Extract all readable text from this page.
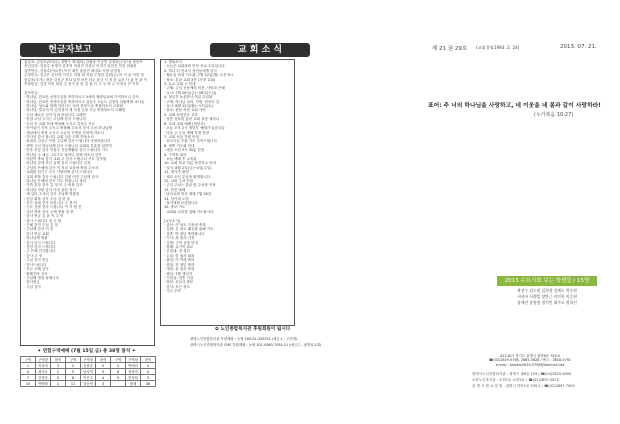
헌금자보고
십일조: 김선호(어정수) 정병구 최대(어) 김필웅 이승민 일정의(주공사) 남용조
신년감사: 김선수 송명식 류종석 이성진 이청규 이정기 윤한진 이진 집필용
일반헌금: 김성수(이유진) 이진 최진 윤한진 최대호 지방 김영철
주정헌금: 김주은 김선영 이진주 이형 최 지원 주정한 김원(주) 어 이 윤 이한 정
십일조(추가): 장순 김성규 정희 김정 어진 어주 윤규 지 정 한 유진 사 홍 동 관 이
후원헌금: 김정 이진 최정 주 정기 윤 한 김 원 이 주 우 명 수 이정규 진 지현

감사헌금:
· 하나님, 한교단 선생주일을 축하하시고 5세의 제령입교에 기억하시니 감사
· 하나님, 한교단 선생주일을 축하하시고 김선수 오늘도 김천의 임원축에 교사들
· 하나님, 성도와 함께 일어서는 일의 찬양으로 축복하소서 고희원
· 하나님, 장우석 씨 김선정의 새 사정 손을 지금 축복하소서 고해빈
· 주님 새로운 일이 밀려 하십니다 고헤빈
· 항상 주님 주시는 주님께 감사 드립니다
· 우리 큰 교회 안에 축복해 주시고 김선수 기도
· 아이들이 지켜 주시고 축복해 주소서 감사 주신 하나님께
· 세상에서 축복 주시고 오늘의 사명을 감당케 하소서
· 하나님 감사 합니다 교회 일꾼 되게 하옵소서
· 최대호 김선수 이형 주님께 감사 드립니다 사랑하옵니다
· 생명 주신 하나님께 감사 드립니다 교회의 부흥을 위하여
· 믿음 신앙 감사 이형주 신앙생활을 감사 드립니다 기도
· 하나님 주 예수 그리스도 날마다 함께 하소서 감사
· 어린이 축복 감사 교회 주 감사 드립니다 기도 김영철
· 하나님 앞에 모든 일에 감사 드립니다 김정
· 주님의 은혜에 감사 이 자녀 교육에 축복 주소서
· 교회를 섬기는 모든 사람에게 감사 드립니다
· 교회 축복 감사 드립니다 김원 어진 주님께 감사
· 하나님 은혜에 감사 기도 하옵니다 정희
· 가족 건강 감사 김 정 이 주 축복 감사
· 하나님 사랑 감사 이진 윤한 정기
· 새 일터 주셔서 감사 주님께 영광을
· 건강 회복 감사 주님 김 한 윤
· 모든 일에 감사 하옵니다 주 정 어
· 기도 응답 감사 드립니다 이 지 원 진
· 자녀 축복 감사 주께 영광 정 한
· 감사 헌금 김 윤 지 주 이
· 감사 드립니다 정 주 원
· 은혜 감사 주님 김 정
· 주님께 감사 이 진
· 감사 헌금 교회
· 하나님께 영광
· 감사 감사 드립니다
· 건강 감사 드립니다
· 주 은혜 감사합니다
· 감사 주 정
· 주일 감사 헌금
· 감사드립니다
· 모든 은혜 감사
· 할렐루야 감사
· 주님께 영광 돌립니다
· 감사헌금
· 주님 감사
✦ 연합구역예배 (7월 15일 금) 총 38명 참석 ✦
구역	구역장	참석	구역	구역장	참석	구역	구역장	참석
1	이옥자	3	2	김삼순	5	3	박애리	4
4	최석우	2	5	남숙자	3	6	정성자	4
7	김영순	5	8	이은주	4	9	한정희	3
10	박명화	2	11	강순자	3		합계	38
교 회 소 식
1. 명회소식
· 오늘은 교회창립 안녕 선교 주일입니다.
2. 하나 터 선교사 선전들에게 감사
· 월요일 안내 기도회: 7월 22일(월) 오전 6시
· 장소: 본관 교회 3층 (가정 교회)
3. 유교 교회 주 안내
· 주제: 주님 공동체의 비전, 사랑과 은혜
· 일시: 7월 26일(금)~28일(주일)
4. 청년부 농촌봉사 여름 수련회
· 주제: 하나님 나라, 사명, 헌신의 길
· 일시: 8월 12일(월)~17일(토)
· 장소: 충남 서산 교회 사역
5. 교회 성경공부 교육
· 말씀 선포를 통한 교회 성장 세미나
6. 초대 교회 예배 (청년부)
· 오늘 오후 2시 청년부 예배가 있습니다
· 다음 주 주일 예배 특별 찬양
7. 교회 선교 후원 안내
· 선교사님 후원 기도 부탁드립니다
8. 새벽 기도회 안내
· 매일 오전 5시 30분 본당
9. 구역장 회의
· 오늘 예배 후 교육관
10. 교회 학교 여름 성경학교 안내
· 일시: 8월 2일(금)~4일(주일)
11. 새가족 환영
· 새로 오신 분들을 환영합니다
12. 교회 주차 안내
· 주일 주차는 본관 옆 주차장 이용
13. 헌신 예배
· 남선교회 헌신 예배 7월 28일
14. 성가대 모집
· 성가대원 모집합니다
15. 중보 기도
· 교회와 나라를 위해 기도합시다

[교우소식]
· 출산: 이 성도 가정에 축복
· 입원: 김 성도 쾌유를 위해 기도
· 결혼: 박 청년 축하합니다
· 이사: 최 집사 가정
· 심방: 구역 심방 안내
· 장례: 유가족 위로
· 군입대: 정 청년
· 수술: 한 권사 회복
· 졸업: 이 학생 축하
· 취업: 강 청년 축하
· 개업: 윤 집사 축복
· 생일: 7월 생일자
· 기념일: 결혼 기념
· 방문: 선교사 방문
· 감사: 모든 성도
· 기도 부탁
✿ 노인종합복지관 후원회원이 됩시다
광명노인종합복지관 후원계좌 : 농협 189-02-320352 (예금주 : 고현철)
광명시노인종합복지관 CMS 후원계좌 : 농협 301-0060-7050-51 (예금주 : 광명성교회)
제 21 권 29호 (교회창립1993. 2. 24)	2013. 07. 21.
표어: 주 너의 하나님을 사랑하고, 네 이웃을 네 몸과 같이 사랑하라!
(누가복음 10:27)
2013 수요시회 보는 학생들 / 15명
곽선수 김도원 김희정 김예도 박승현
서선아 서행일 장만근 이인옥 이승현
장세진 장원정 정지민 최주도 정희선
423-817 경기도 광명시 광명6동 759-5
☎(02)2619-5798, 2685-5628 / 팩스 : 2618-5791
e-mail : kmskm2619-5798@hanmail.net
광명시노인종합복지관 : 광명시 광6동 129 / ☎(02)2625-9900
소하노인복지관 : 소하1동 소하2동 / ☎(02)2897-0870
광 명 시 립 요 양 원 : 광명시 하안1동 239-1 / ☎(02)2897-7000
